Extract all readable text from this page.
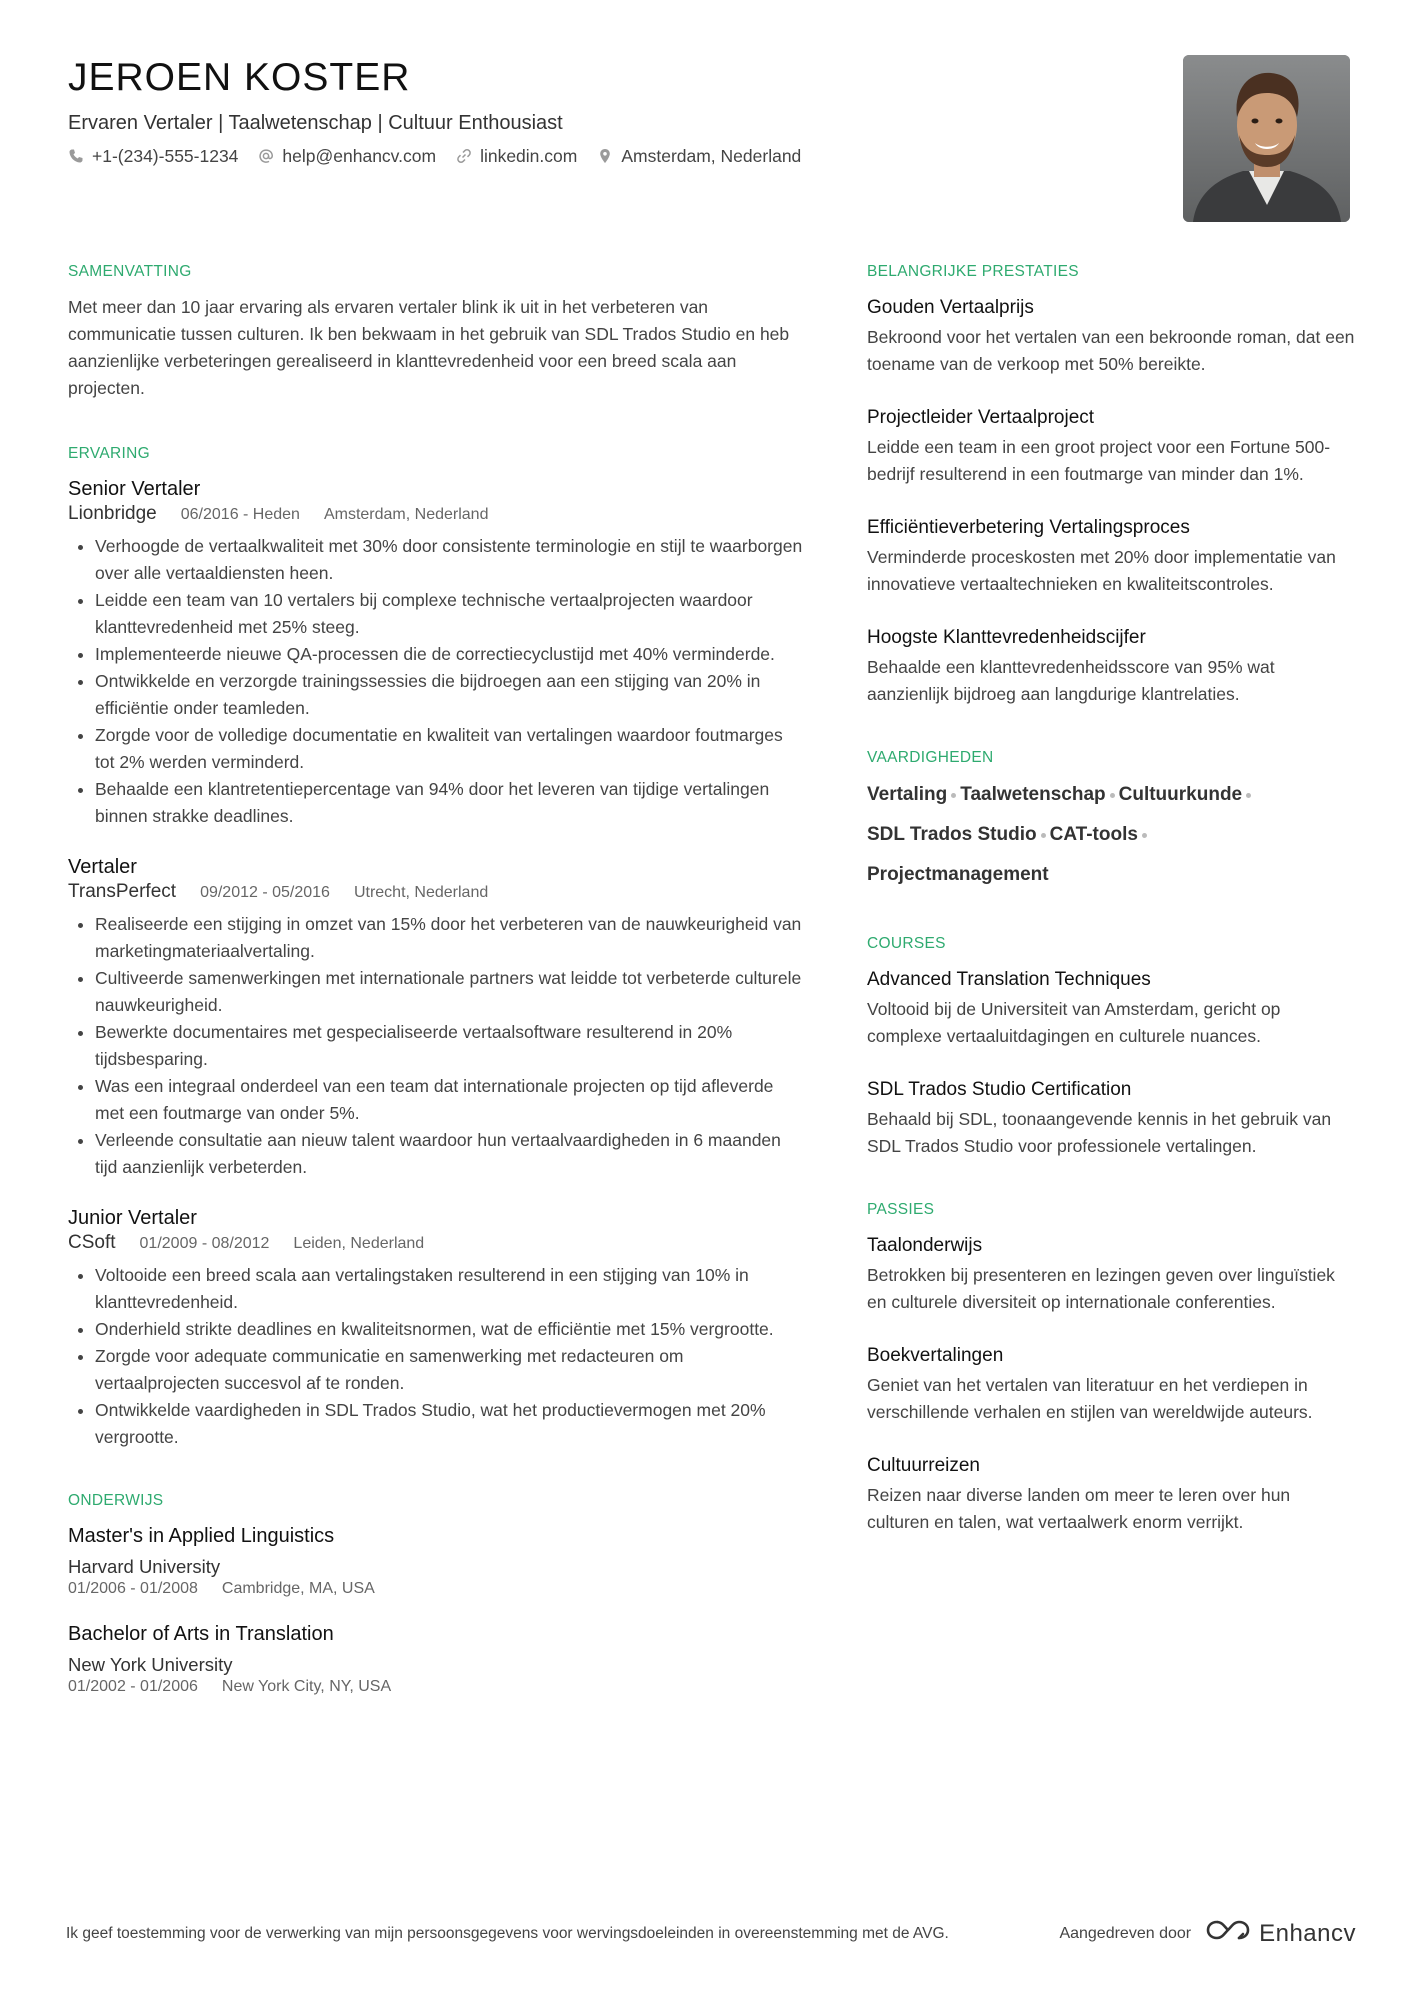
JEROEN KOSTER
Ervaren Vertaler | Taalwetenschap | Cultuur Enthousiast
+1-(234)-555-1234	help@enhancv.com	linkedin.com	Amsterdam, Nederland
SAMENVATTING
Met meer dan 10 jaar ervaring als ervaren vertaler blink ik uit in het verbeteren van communicatie tussen culturen. Ik ben bekwaam in het gebruik van SDL Trados Studio en heb aanzienlijke verbeteringen gerealiseerd in klanttevredenheid voor een breed scala aan projecten.
ERVARING
Senior Vertaler
Lionbridge 06/2016 - Heden Amsterdam, Nederland
Verhoogde de vertaalkwaliteit met 30% door consistente terminologie en stijl te waarborgen over alle vertaaldiensten heen.
Leidde een team van 10 vertalers bij complexe technische vertaalprojecten waardoor klanttevredenheid met 25% steeg.
Implementeerde nieuwe QA-processen die de correctiecyclustijd met 40% verminderde.
Ontwikkelde en verzorgde trainingssessies die bijdroegen aan een stijging van 20% in efficiëntie onder teamleden.
Zorgde voor de volledige documentatie en kwaliteit van vertalingen waardoor foutmarges tot 2% werden verminderd.
Behaalde een klantretentiepercentage van 94% door het leveren van tijdige vertalingen binnen strakke deadlines.
Vertaler
TransPerfect 09/2012 - 05/2016 Utrecht, Nederland
Realiseerde een stijging in omzet van 15% door het verbeteren van de nauwkeurigheid van marketingmateriaalvertaling.
Cultiveerde samenwerkingen met internationale partners wat leidde tot verbeterde culturele nauwkeurigheid.
Bewerkte documentaires met gespecialiseerde vertaalsoftware resulterend in 20% tijdsbesparing.
Was een integraal onderdeel van een team dat internationale projecten op tijd afleverde met een foutmarge van onder 5%.
Verleende consultatie aan nieuw talent waardoor hun vertaalvaardigheden in 6 maanden tijd aanzienlijk verbeterden.
Junior Vertaler
CSoft 01/2009 - 08/2012 Leiden, Nederland
Voltooide een breed scala aan vertalingstaken resulterend in een stijging van 10% in klanttevredenheid.
Onderhield strikte deadlines en kwaliteitsnormen, wat de efficiëntie met 15% vergrootte.
Zorgde voor adequate communicatie en samenwerking met redacteuren om vertaalprojecten succesvol af te ronden.
Ontwikkelde vaardigheden in SDL Trados Studio, wat het productievermogen met 20% vergrootte.
ONDERWIJS
Master's in Applied Linguistics
Harvard University
01/2006 - 01/2008 Cambridge, MA, USA
Bachelor of Arts in Translation
New York University
01/2002 - 01/2006 New York City, NY, USA
BELANGRIJKE PRESTATIES
Gouden Vertaalprijs
Bekroond voor het vertalen van een bekroonde roman, dat een toename van de verkoop met 50% bereikte.
Projectleider Vertaalproject
Leidde een team in een groot project voor een Fortune 500-bedrijf resulterend in een foutmarge van minder dan 1%.
Efficiëntieverbetering Vertalingsproces
Verminderde proceskosten met 20% door implementatie van innovatieve vertaaltechnieken en kwaliteitscontroles.
Hoogste Klanttevredenheidscijfer
Behaalde een klanttevredenheidsscore van 95% wat aanzienlijk bijdroeg aan langdurige klantrelaties.
VAARDIGHEDEN
Vertaling Taalwetenschap Cultuurkunde
SDL Trados Studio CAT-tools
Projectmanagement
COURSES
Advanced Translation Techniques
Voltooid bij de Universiteit van Amsterdam, gericht op complexe vertaaluitdagingen en culturele nuances.
SDL Trados Studio Certification
Behaald bij SDL, toonaangevende kennis in het gebruik van SDL Trados Studio voor professionele vertalingen.
PASSIES
Taalonderwijs
Betrokken bij presenteren en lezingen geven over linguïstiek en culturele diversiteit op internationale conferenties.
Boekvertalingen
Geniet van het vertalen van literatuur en het verdiepen in verschillende verhalen en stijlen van wereldwijde auteurs.
Cultuurreizen
Reizen naar diverse landen om meer te leren over hun culturen en talen, wat vertaalwerk enorm verrijkt.
Ik geef toestemming voor de verwerking van mijn persoonsgegevens voor wervingsdoeleinden in overeenstemming met de AVG.	Aangedreven door	Enhancv
